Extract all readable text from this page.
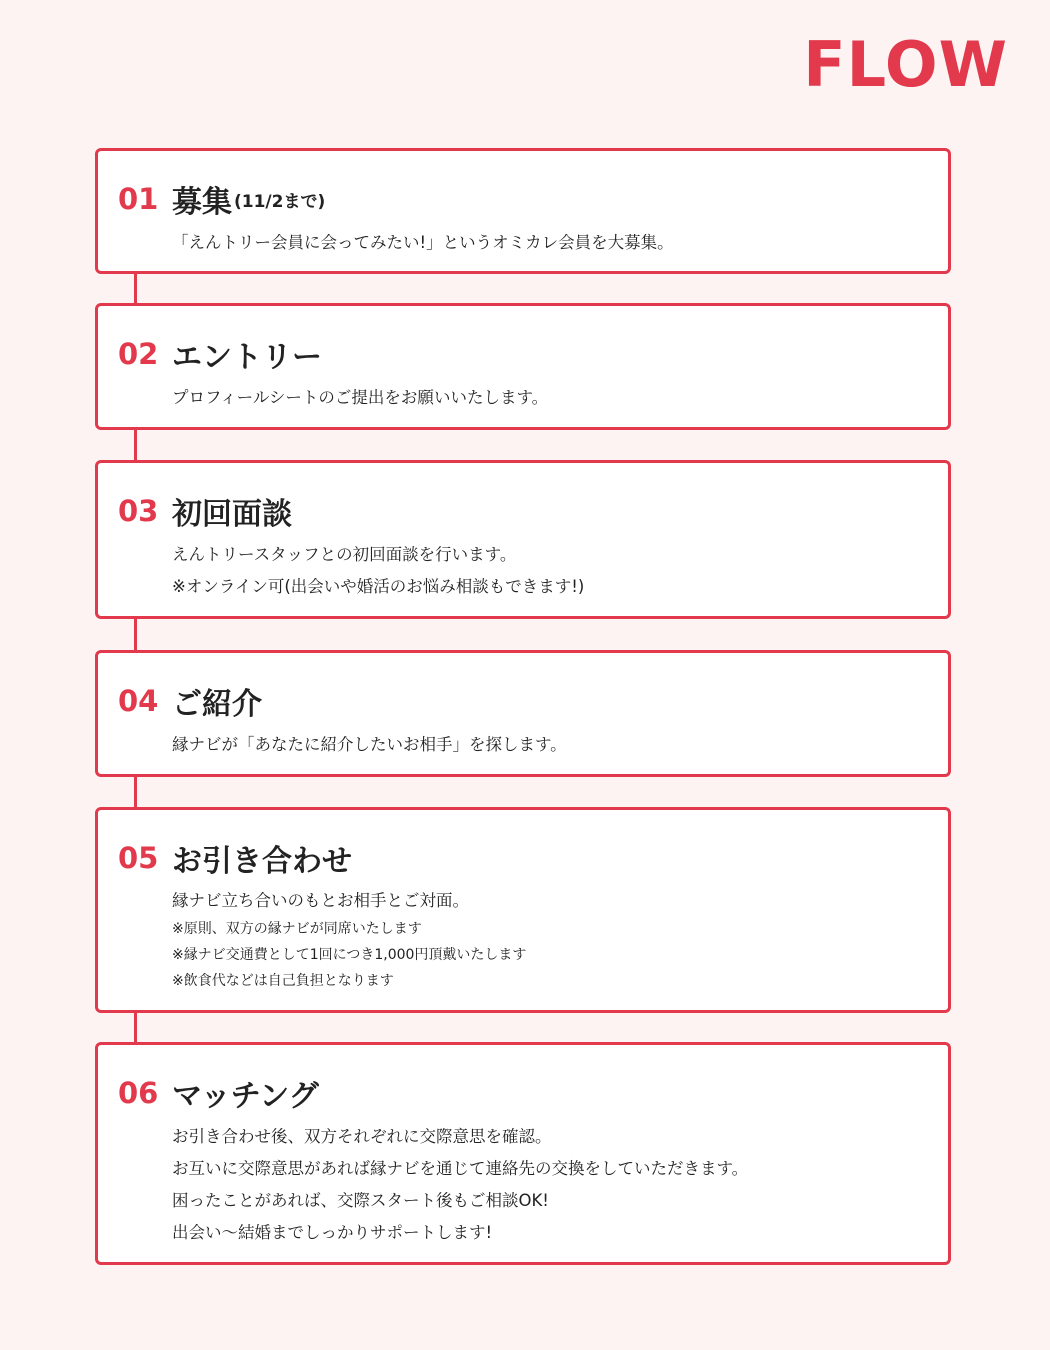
FLOW
01 募集 (11/2まで)
「えんトリー会員に会ってみたい!」というオミカレ会員を大募集。
02 エントリー
プロフィールシートのご提出をお願いいたします。
03 初回面談
えんトリースタッフとの初回面談を行います。
※オンライン可(出会いや婚活のお悩み相談もできます!)
04 ご紹介
縁ナビが「あなたに紹介したいお相手」を探します。
05 お引き合わせ
縁ナビ立ち合いのもとお相手とご対面。
※原則、双方の縁ナビが同席いたします
※縁ナビ交通費として1回につき1,000円頂戴いたします
※飲食代などは自己負担となります
06 マッチング
お引き合わせ後、双方それぞれに交際意思を確認。
お互いに交際意思があれば縁ナビを通じて連絡先の交換をしていただきます。
困ったことがあれば、交際スタート後もご相談OK!
出会い〜結婚までしっかりサポートします!
